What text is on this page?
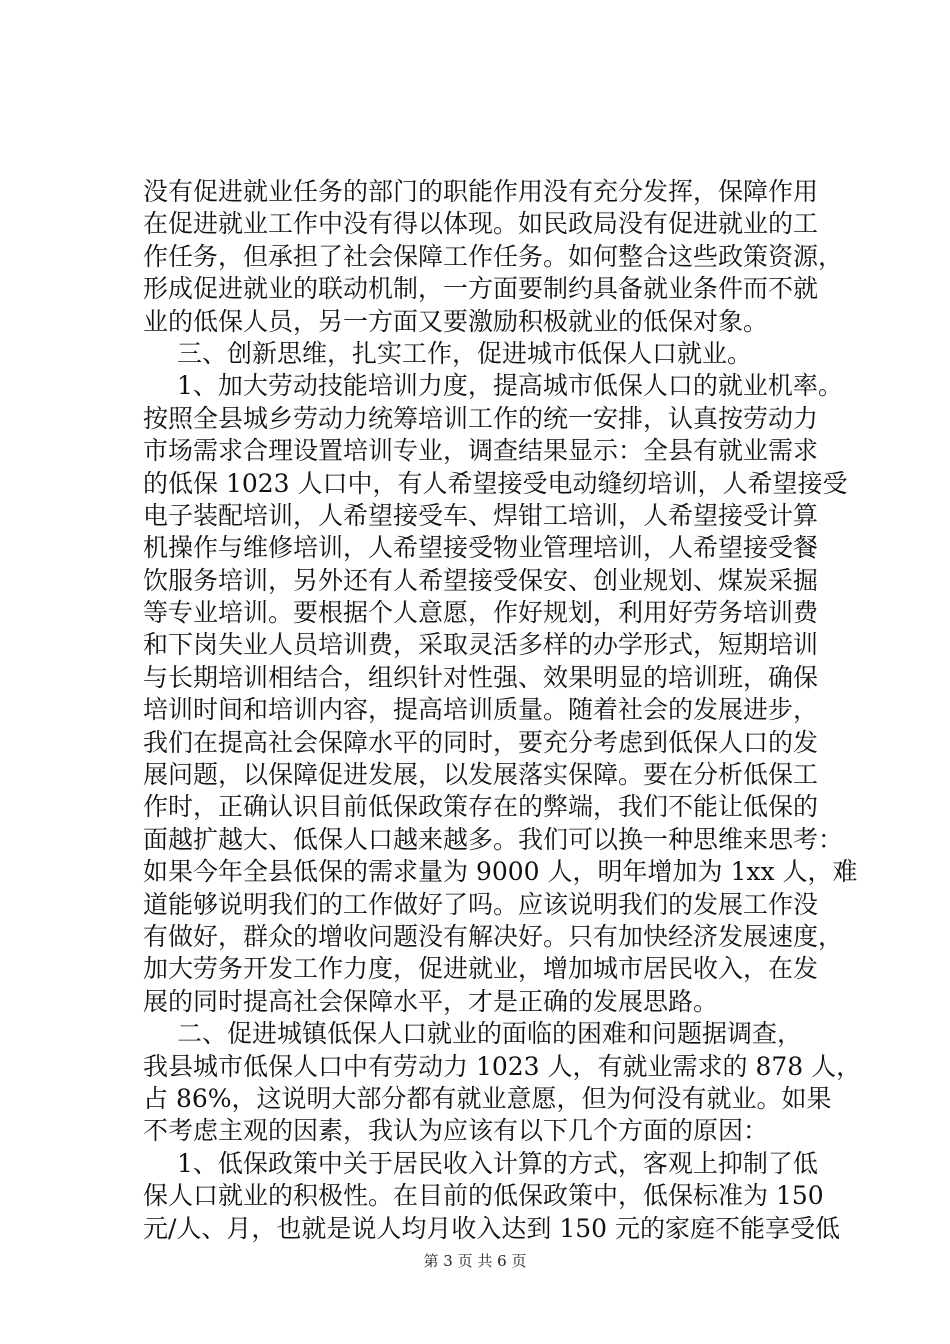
没有促进就业任务的部门的职能作用没有充分发挥，保障作用
在促进就业工作中没有得以体现。如民政局没有促进就业的工
作任务，但承担了社会保障工作任务。如何整合这些政策资源，
形成促进就业的联动机制，一方面要制约具备就业条件而不就
业的低保人员，另一方面又要激励积极就业的低保对象。
三、创新思维，扎实工作，促进城市低保人口就业。
1、加大劳动技能培训力度，提高城市低保人口的就业机率。
按照全县城乡劳动力统筹培训工作的统一安排，认真按劳动力
市场需求合理设置培训专业，调查结果显示：全县有就业需求
的低保 1023 人口中，有人希望接受电动缝纫培训，人希望接受
电子装配培训，人希望接受车、焊钳工培训，人希望接受计算
机操作与维修培训，人希望接受物业管理培训，人希望接受餐
饮服务培训，另外还有人希望接受保安、创业规划、煤炭采掘
等专业培训。要根据个人意愿，作好规划，利用好劳务培训费
和下岗失业人员培训费，采取灵活多样的办学形式，短期培训
与长期培训相结合，组织针对性强、效果明显的培训班，确保
培训时间和培训内容，提高培训质量。随着社会的发展进步，
我们在提高社会保障水平的同时，要充分考虑到低保人口的发
展问题，以保障促进发展，以发展落实保障。要在分析低保工
作时，正确认识目前低保政策存在的弊端，我们不能让低保的
面越扩越大、低保人口越来越多。我们可以换一种思维来思考：
如果今年全县低保的需求量为 9000 人，明年增加为 1xx 人，难
道能够说明我们的工作做好了吗。应该说明我们的发展工作没
有做好，群众的增收问题没有解决好。只有加快经济发展速度，
加大劳务开发工作力度，促进就业，增加城市居民收入，在发
展的同时提高社会保障水平，才是正确的发展思路。
二、促进城镇低保人口就业的面临的困难和问题据调查，
我县城市低保人口中有劳动力 1023 人，有就业需求的 878 人，
占 86%，这说明大部分都有就业意愿，但为何没有就业。如果
不考虑主观的因素，我认为应该有以下几个方面的原因：
1、低保政策中关于居民收入计算的方式，客观上抑制了低
保人口就业的积极性。在目前的低保政策中，低保标准为 150
元/人、月，也就是说人均月收入达到 150 元的家庭不能享受低
第 3 页 共 6 页
